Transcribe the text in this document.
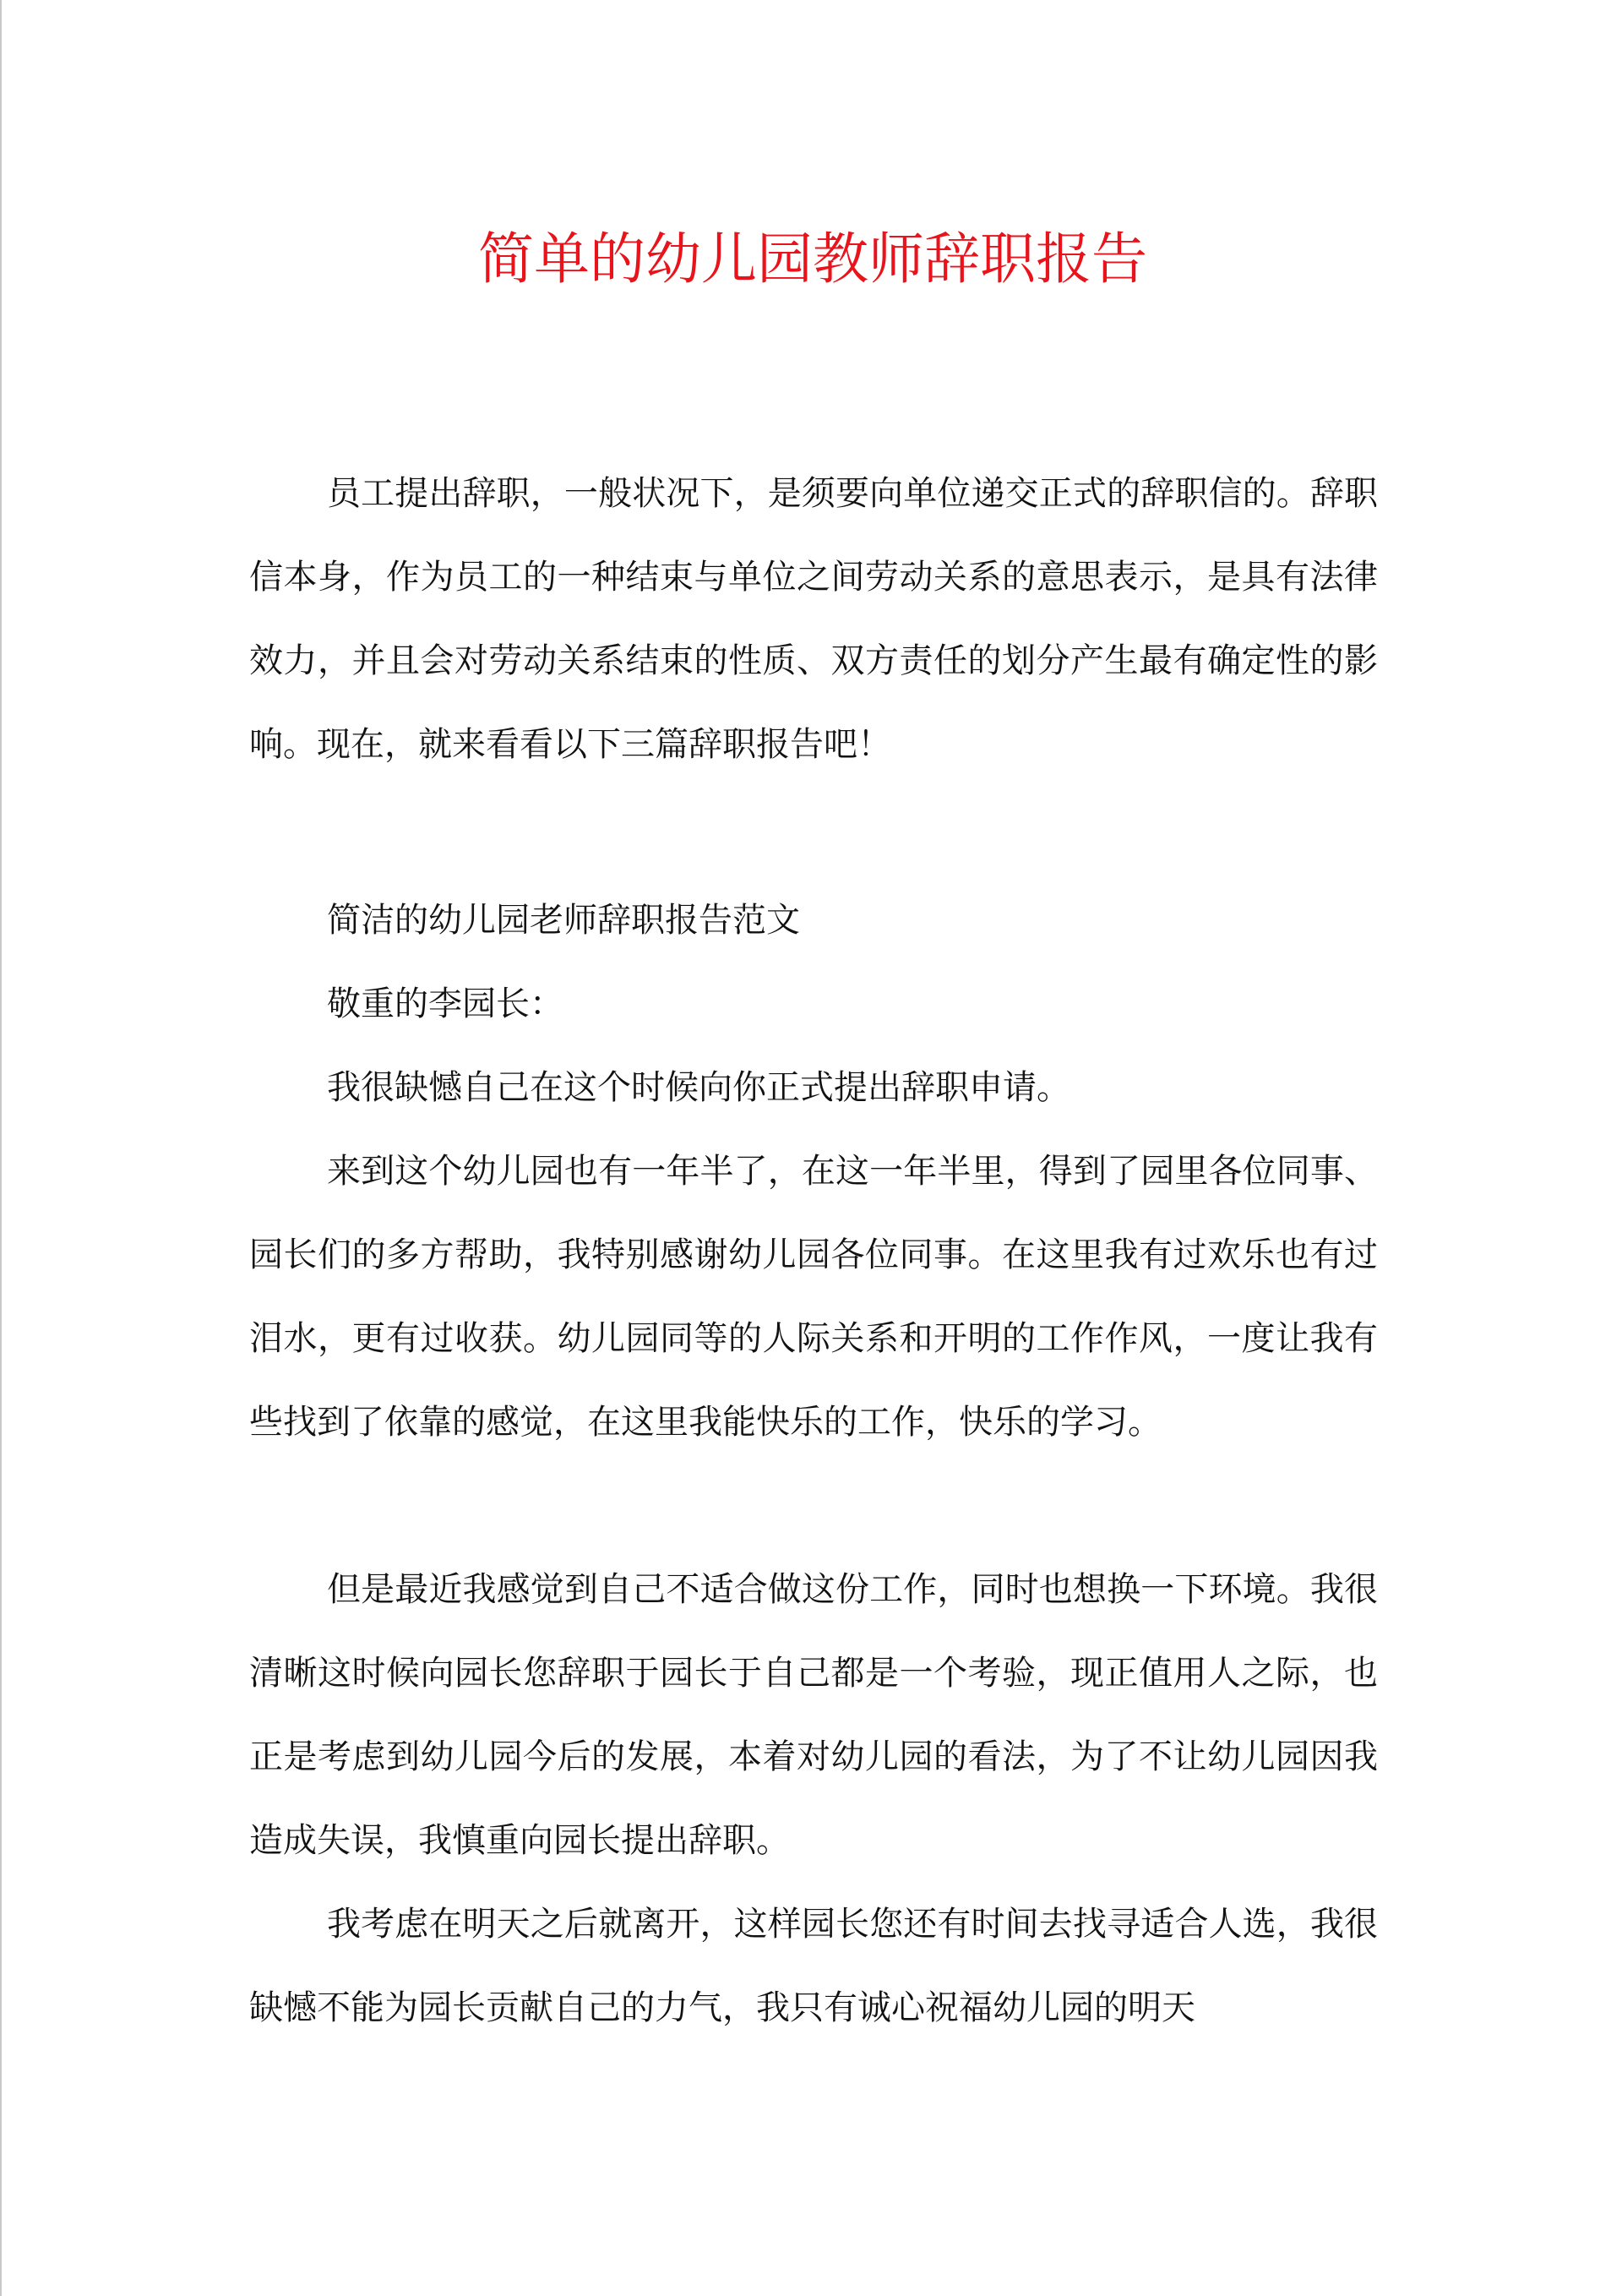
简单的幼儿园教师辞职报告

员工提出辞职，一般状况下，是须要向单位递交正式的辞职信的。辞职信本身，作为员工的一种结束与单位之间劳动关系的意思表示，是具有法律效力，并且会对劳动关系结束的性质、双方责任的划分产生最有确定性的影响。现在，就来看看以下三篇辞职报告吧！

简洁的幼儿园老师辞职报告范文

敬重的李园长：

我很缺憾自己在这个时候向你正式提出辞职申请。

来到这个幼儿园也有一年半了，在这一年半里，得到了园里各位同事、园长们的多方帮助，我特别感谢幼儿园各位同事。在这里我有过欢乐也有过泪水，更有过收获。幼儿园同等的人际关系和开明的工作作风，一度让我有些找到了依靠的感觉，在这里我能快乐的工作，快乐的学习。

但是最近我感觉到自己不适合做这份工作，同时也想换一下环境。我很清晰这时候向园长您辞职于园长于自己都是一个考验，现正值用人之际，也正是考虑到幼儿园今后的发展，本着对幼儿园的看法，为了不让幼儿园因我造成失误，我慎重向园长提出辞职。

我考虑在明天之后就离开，这样园长您还有时间去找寻适合人选，我很缺憾不能为园长贡献自己的力气，我只有诚心祝福幼儿园的明天
